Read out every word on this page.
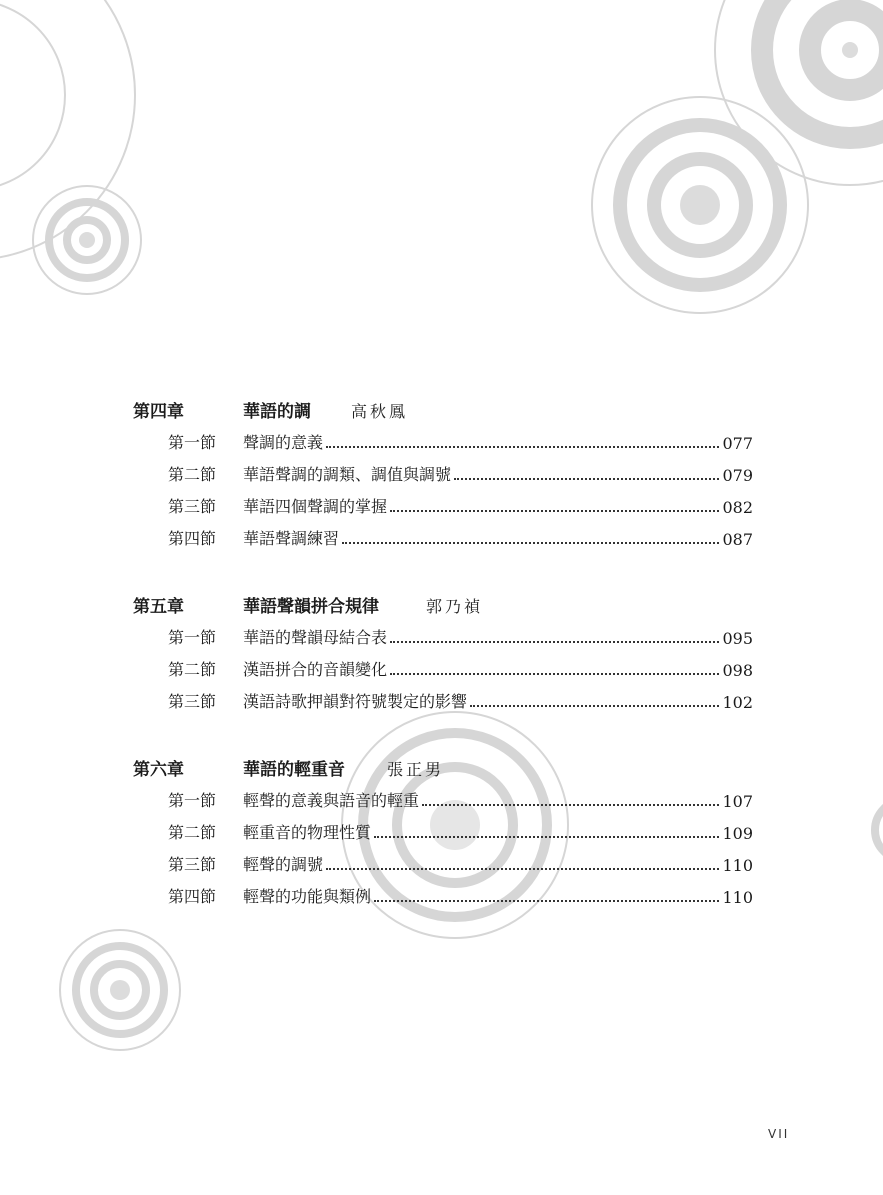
第四章	華語的調	高秋鳳
第一節	聲調的意義	077
第二節	華語聲調的調類、調值與調號	079
第三節	華語四個聲調的掌握	082
第四節	華語聲調練習	087
第五章	華語聲韻拼合規律	郭乃禎
第一節	華語的聲韻母結合表	095
第二節	漢語拼合的音韻變化	098
第三節	漢語詩歌押韻對符號製定的影響	102
第六章	華語的輕重音	張正男
第一節	輕聲的意義與語音的輕重	107
第二節	輕重音的物理性質	109
第三節	輕聲的調號	110
第四節	輕聲的功能與類例	110
VII
